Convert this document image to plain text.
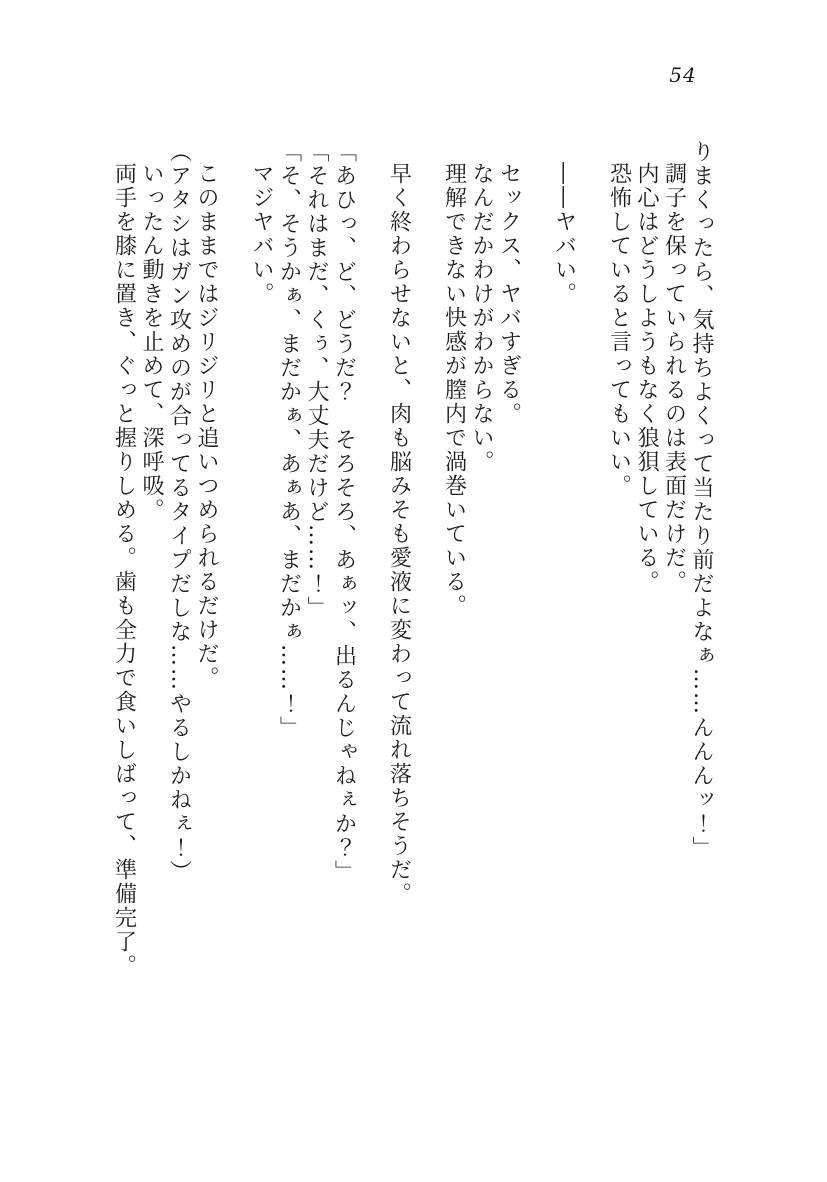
54

りまくったら、気持ちよくって当たり前だよなぁ……んんんッ！」

調子を保っていられるのは表面だけだ。

内心はどうしようもなく狼狽している。

恐怖していると言ってもいい。

――ヤバい。

セックス、ヤバすぎる。

なんだかわけがわからない。

理解できない快感が膣内で渦巻いている。

早く終わらせないと、肉も脳みそも愛液に変わって流れ落ちそうだ。

「あひっ、ど、どうだ？　そろそろ、あぁッ、出るんじゃねぇか？」

「それはまだ、くぅ、大丈夫だけど……！」

「そ、そうかぁ、まだかぁ、あぁあ、まだかぁ……！」

マジヤバい。

このままではジリジリと追いつめられるだけだ。

（アタシはガン攻めのが合ってるタイプだしな……やるしかねぇ！）

いったん動きを止めて、深呼吸。

両手を膝に置き、ぐっと握りしめる。歯も全力で食いしばって、準備完了。
